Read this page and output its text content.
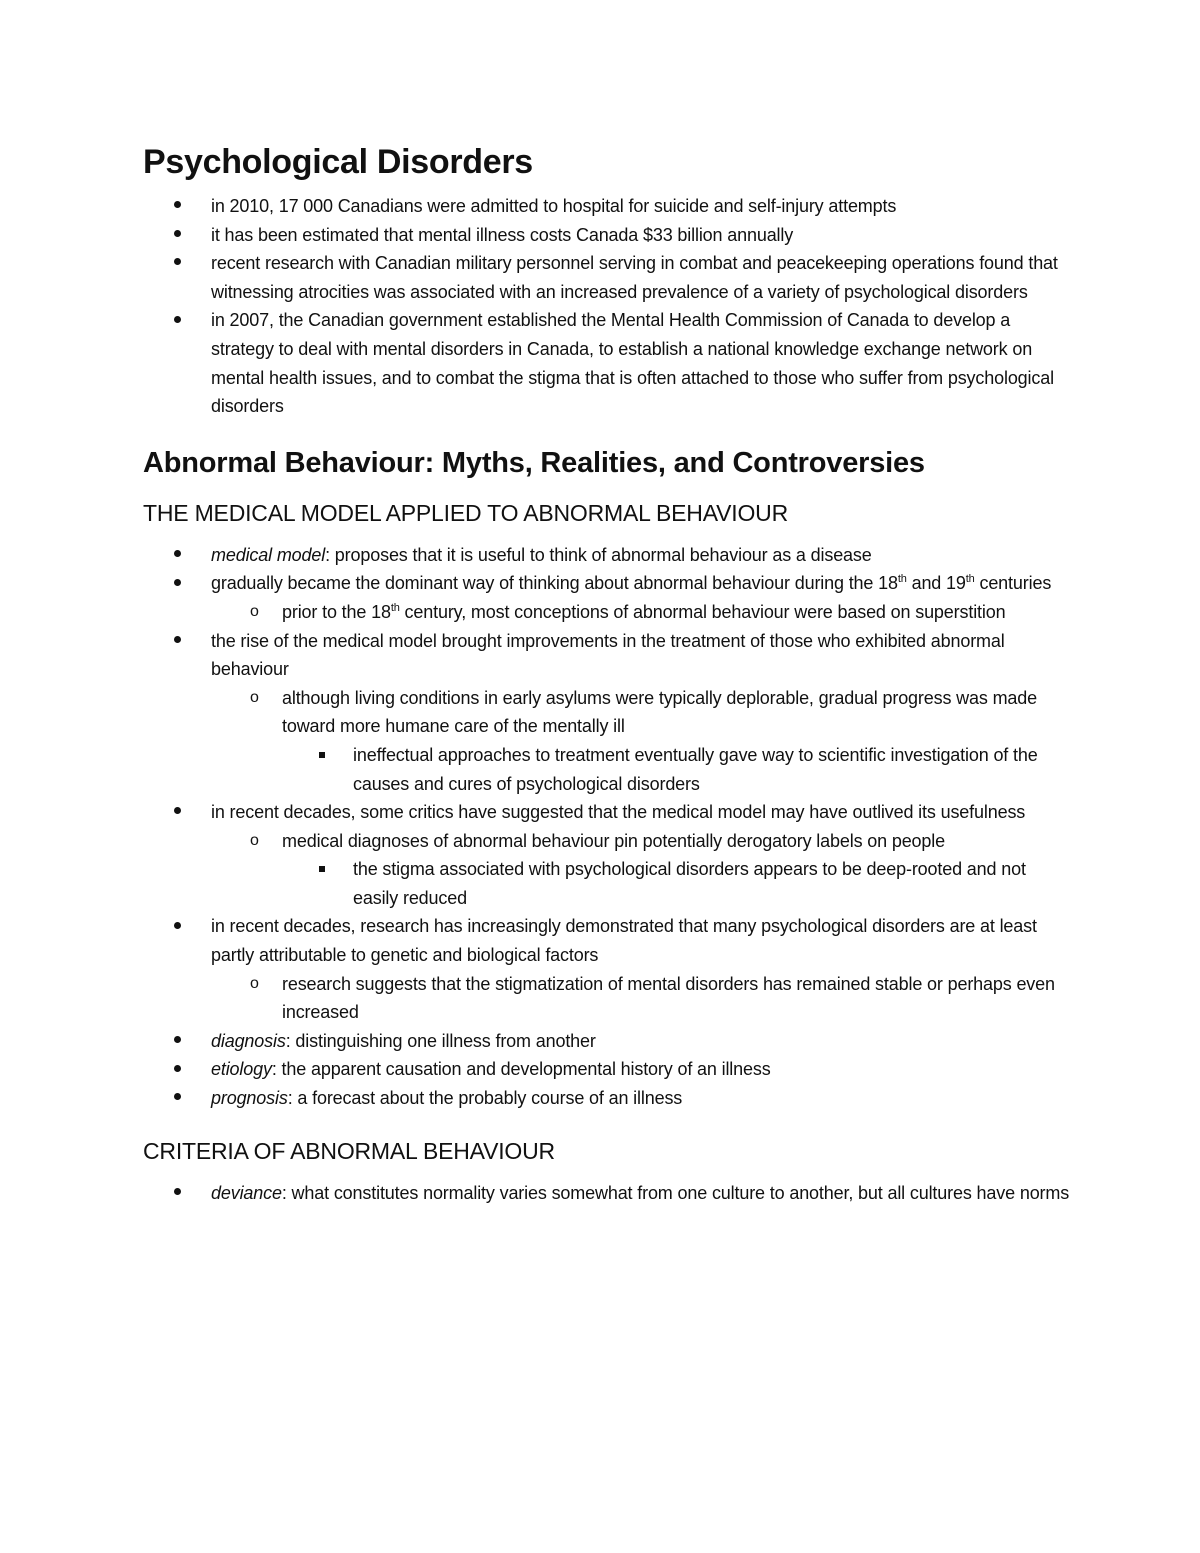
Psychological Disorders
in 2010, 17 000 Canadians were admitted to hospital for suicide and self-injury attempts
it has been estimated that mental illness costs Canada $33 billion annually
recent research with Canadian military personnel serving in combat and peacekeeping operations found that witnessing atrocities was associated with an increased prevalence of a variety of psychological disorders
in 2007, the Canadian government established the Mental Health Commission of Canada to develop a strategy to deal with mental disorders in Canada, to establish a national knowledge exchange network on mental health issues, and to combat the stigma that is often attached to those who suffer from psychological disorders
Abnormal Behaviour: Myths, Realities, and Controversies
THE MEDICAL MODEL APPLIED TO ABNORMAL BEHAVIOUR
medical model: proposes that it is useful to think of abnormal behaviour as a disease
gradually became the dominant way of thinking about abnormal behaviour during the 18th and 19th centuries
o prior to the 18th century, most conceptions of abnormal behaviour were based on superstition
the rise of the medical model brought improvements in the treatment of those who exhibited abnormal behaviour
o although living conditions in early asylums were typically deplorable, gradual progress was made toward more humane care of the mentally ill
ineffectual approaches to treatment eventually gave way to scientific investigation of the causes and cures of psychological disorders
in recent decades, some critics have suggested that the medical model may have outlived its usefulness
o medical diagnoses of abnormal behaviour pin potentially derogatory labels on people
the stigma associated with psychological disorders appears to be deep-rooted and not easily reduced
in recent decades, research has increasingly demonstrated that many psychological disorders are at least partly attributable to genetic and biological factors
o research suggests that the stigmatization of mental disorders has remained stable or perhaps even increased
diagnosis: distinguishing one illness from another
etiology: the apparent causation and developmental history of an illness
prognosis: a forecast about the probably course of an illness
CRITERIA OF ABNORMAL BEHAVIOUR
deviance: what constitutes normality varies somewhat from one culture to another, but all cultures have norms
